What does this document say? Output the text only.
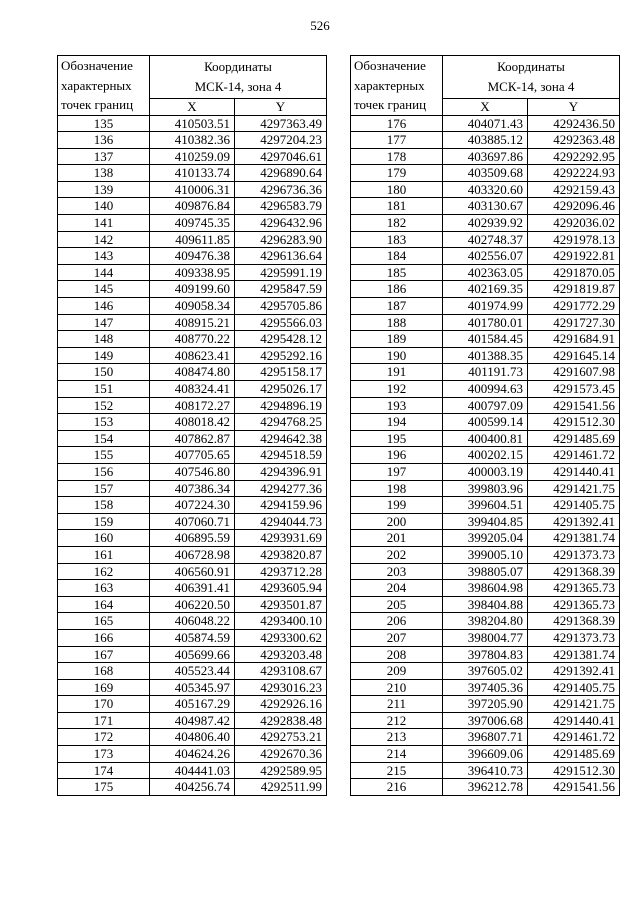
526
Обозначение
характерных
точек границ	Координаты
МСК-14, зона 4	
	X	Y
135	410503.51	4297363.49
136	410382.36	4297204.23
137	410259.09	4297046.61
138	410133.74	4296890.64
139	410006.31	4296736.36
140	409876.84	4296583.79
141	409745.35	4296432.96
142	409611.85	4296283.90
143	409476.38	4296136.64
144	409338.95	4295991.19
145	409199.60	4295847.59
146	409058.34	4295705.86
147	408915.21	4295566.03
148	408770.22	4295428.12
149	408623.41	4295292.16
150	408474.80	4295158.17
151	408324.41	4295026.17
152	408172.27	4294896.19
153	408018.42	4294768.25
154	407862.87	4294642.38
155	407705.65	4294518.59
156	407546.80	4294396.91
157	407386.34	4294277.36
158	407224.30	4294159.96
159	407060.71	4294044.73
160	406895.59	4293931.69
161	406728.98	4293820.87
162	406560.91	4293712.28
163	406391.41	4293605.94
164	406220.50	4293501.87
165	406048.22	4293400.10
166	405874.59	4293300.62
167	405699.66	4293203.48
168	405523.44	4293108.67
169	405345.97	4293016.23
170	405167.29	4292926.16
171	404987.42	4292838.48
172	404806.40	4292753.21
173	404624.26	4292670.36
174	404441.03	4292589.95
175	404256.74	4292511.99
Обозначение
характерных
точек границ	Координаты
МСК-14, зона 4	
	X	Y
176	404071.43	4292436.50
177	403885.12	4292363.48
178	403697.86	4292292.95
179	403509.68	4292224.93
180	403320.60	4292159.43
181	403130.67	4292096.46
182	402939.92	4292036.02
183	402748.37	4291978.13
184	402556.07	4291922.81
185	402363.05	4291870.05
186	402169.35	4291819.87
187	401974.99	4291772.29
188	401780.01	4291727.30
189	401584.45	4291684.91
190	401388.35	4291645.14
191	401191.73	4291607.98
192	400994.63	4291573.45
193	400797.09	4291541.56
194	400599.14	4291512.30
195	400400.81	4291485.69
196	400202.15	4291461.72
197	400003.19	4291440.41
198	399803.96	4291421.75
199	399604.51	4291405.75
200	399404.85	4291392.41
201	399205.04	4291381.74
202	399005.10	4291373.73
203	398805.07	4291368.39
204	398604.98	4291365.73
205	398404.88	4291365.73
206	398204.80	4291368.39
207	398004.77	4291373.73
208	397804.83	4291381.74
209	397605.02	4291392.41
210	397405.36	4291405.75
211	397205.90	4291421.75
212	397006.68	4291440.41
213	396807.71	4291461.72
214	396609.06	4291485.69
215	396410.73	4291512.30
216	396212.78	4291541.56
